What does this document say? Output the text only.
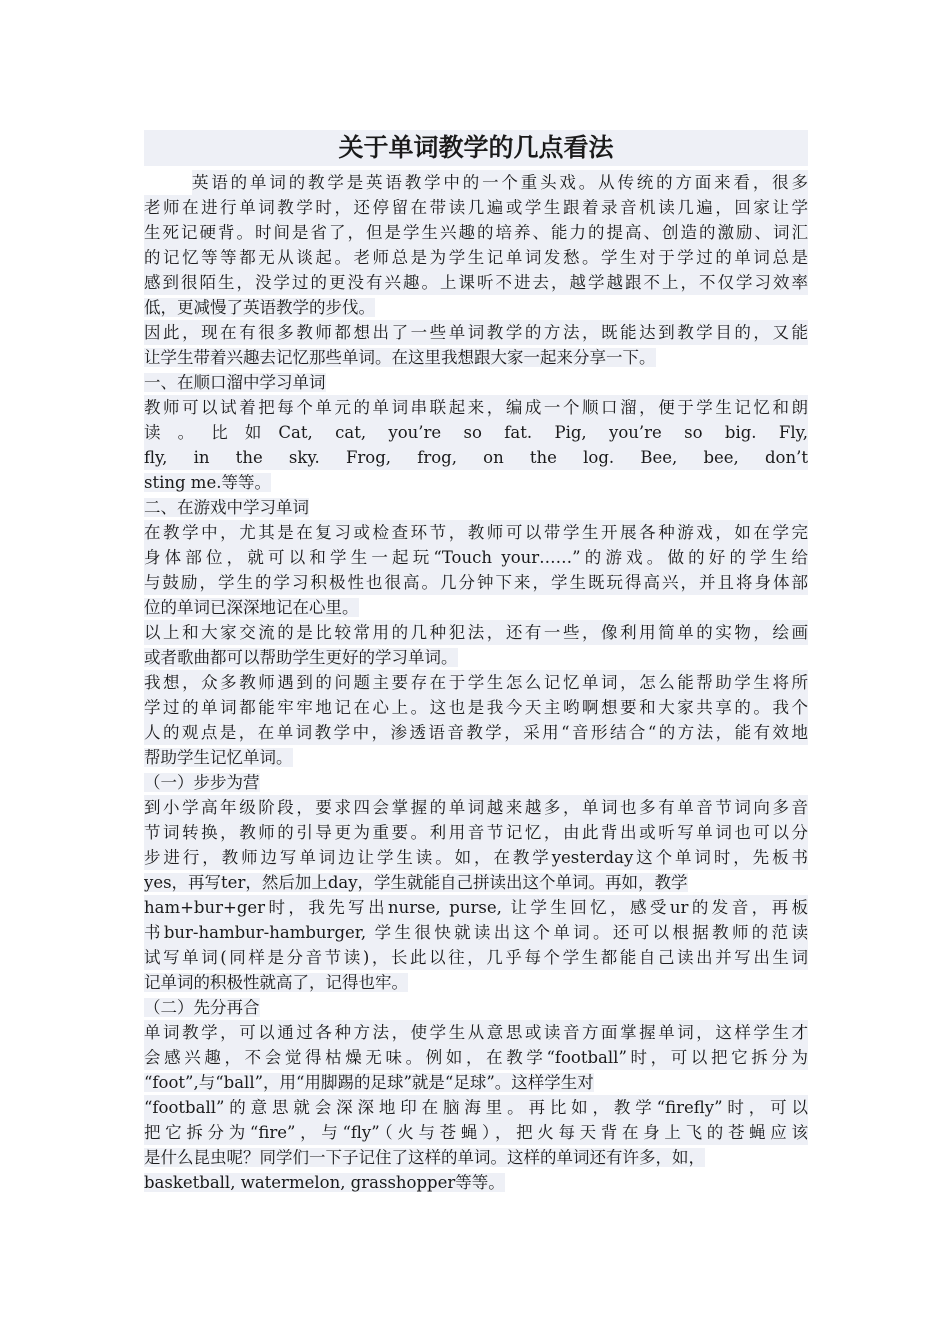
关于单词教学的几点看法
英语的单词的教学是英语教学中的一个重头戏。从传统的方面来看，很多
老师在进行单词教学时，还停留在带读几遍或学生跟着录音机读几遍，回家让学
生死记硬背。时间是省了，但是学生兴趣的培养、能力的提高、创造的激励、词汇
的记忆等等都无从谈起。老师总是为学生记单词发愁。学生对于学过的单词总是
感到很陌生，没学过的更没有兴趣。上课听不进去，越学越跟不上，不仅学习效率
低，更减慢了英语教学的步伐。
因此，现在有很多教师都想出了一些单词教学的方法，既能达到教学目的，又能
让学生带着兴趣去记忆那些单词。在这里我想跟大家一起来分享一下。
一、在顺口溜中学习单词
教师可以试着把每个单元的单词串联起来，编成一个顺口溜，便于学生记忆和朗
读。比如Cat, cat, you’re so fat. Pig, you’re so big. Fly,
fly, in the sky. Frog, frog, on the log. Bee, bee, don’t
sting me.等等。
二、在游戏中学习单词
在教学中，尤其是在复习或检查环节，教师可以带学生开展各种游戏，如在学完
身体部位，就可以和学生一起玩“Touch your……”的游戏。做的好的学生给
与鼓励，学生的学习积极性也很高。几分钟下来，学生既玩得高兴，并且将身体部
位的单词已深深地记在心里。
以上和大家交流的是比较常用的几种犯法，还有一些，像利用简单的实物，绘画
或者歌曲都可以帮助学生更好的学习单词。
我想，众多教师遇到的问题主要存在于学生怎么记忆单词，怎么能帮助学生将所
学过的单词都能牢牢地记在心上。这也是我今天主哟啊想要和大家共享的。我个
人的观点是，在单词教学中，渗透语音教学，采用“音形结合“的方法，能有效地
帮助学生记忆单词。
（一）步步为营
到小学高年级阶段，要求四会掌握的单词越来越多，单词也多有单音节词向多音
节词转换，教师的引导更为重要。利用音节记忆，由此背出或听写单词也可以分
步进行，教师边写单词边让学生读。如，在教学yesterday这个单词时，先板书
yes，再写ter，然后加上day，学生就能自己拼读出这个单词。再如，教学
ham+bur+ger时，我先写出nurse, purse, 让学生回忆，感受ur的发音，再板
书bur-hambur-hamburger, 学生很快就读出这个单词。还可以根据教师的范读
试写单词(同样是分音节读)，长此以往，几乎每个学生都能自己读出并写出生词
记单词的积极性就高了，记得也牢。
（二）先分再合
单词教学，可以通过各种方法，使学生从意思或读音方面掌握单词，这样学生才
会感兴趣，不会觉得枯燥无味。例如，在教学“football”时，可以把它拆分为
“foot”,与“ball”，用“用脚踢的足球”就是“足球”。这样学生对
“football”的意思就会深深地印在脑海里。再比如，教学“firefly”时，可以
把它拆分为“fire”，与“fly”（火与苍蝇），把火每天背在身上飞的苍蝇应该
是什么昆虫呢？同学们一下子记住了这样的单词。这样的单词还有许多，如，
basketball, watermelon, grasshopper等等。
